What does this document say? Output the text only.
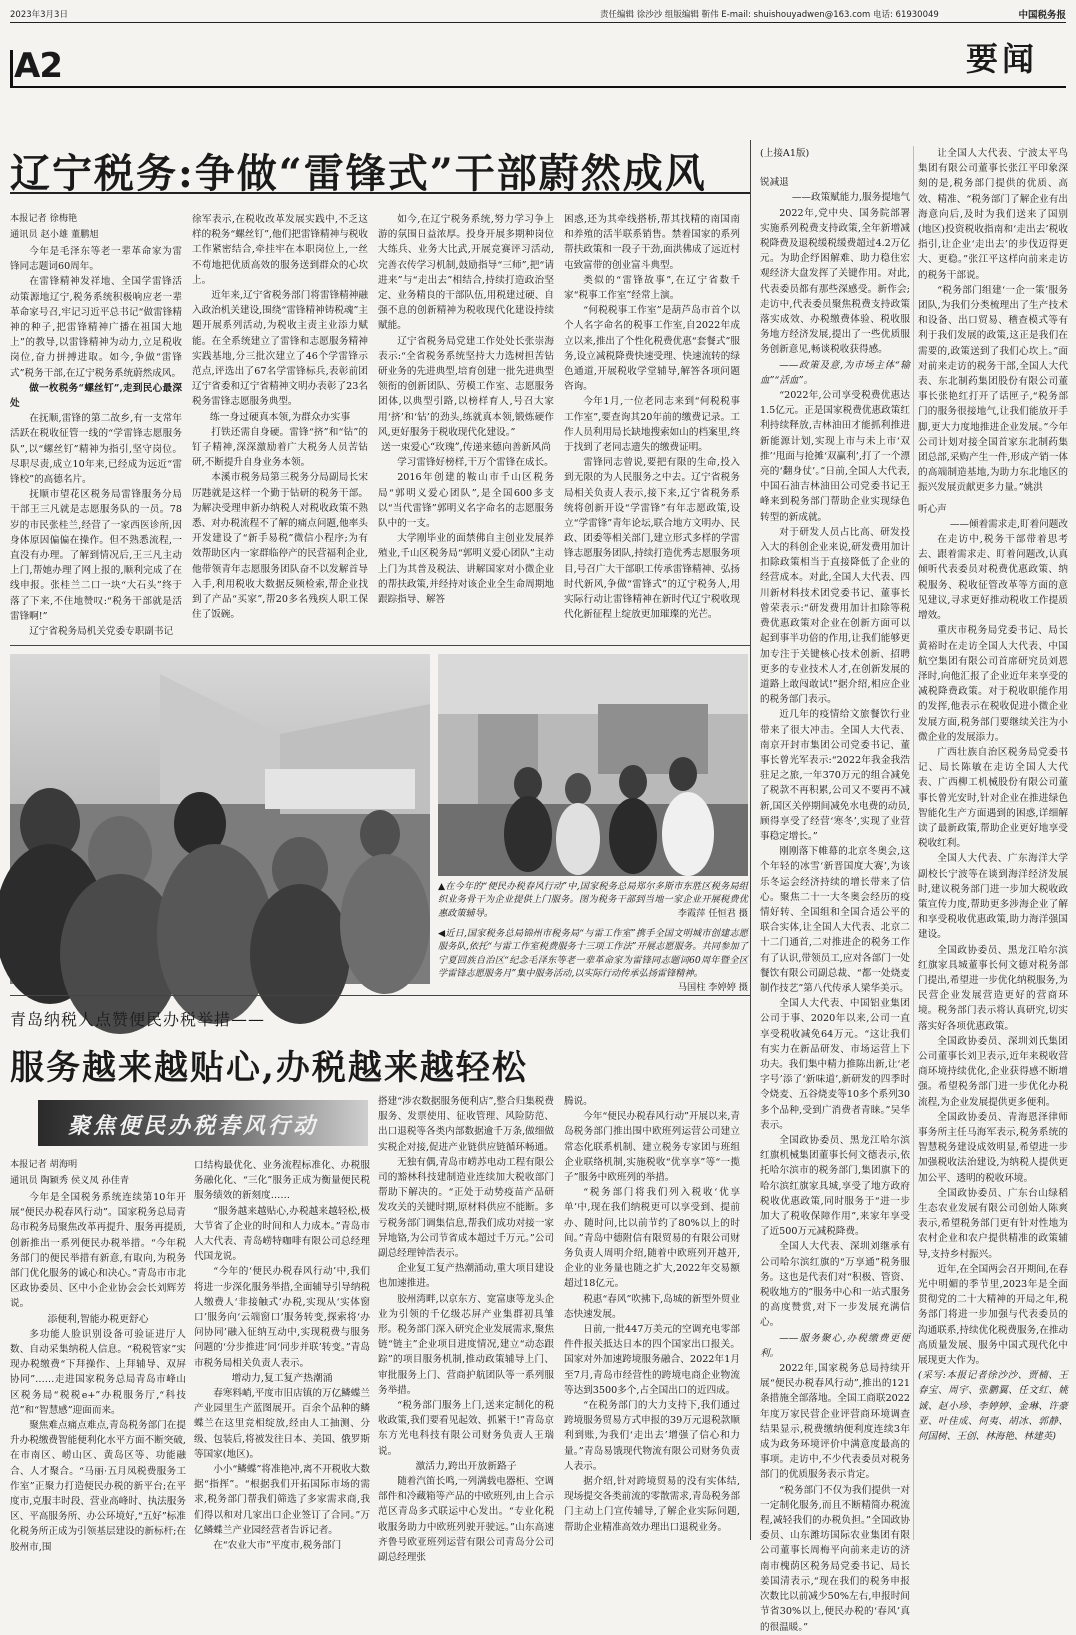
2023年3月3日	责任编辑 徐沙沙 组版编辑 靳伟 E-mail: shuishouyadwen@163.com 电话: 61930049	中国税务报
A2	要闻
辽宁税务:争做“雷锋式”干部蔚然成风

本报记者 徐梅艳

通讯员 赵小雄 董鹏旭

今年是毛泽东等老一辈革命家为雷锋同志题词60周年。

在雷锋精神发祥地、全国学雷锋活动策源地辽宁,税务系统积极响应老一辈革命家号召,牢记习近平总书记“做雷锋精神的种子,把雷锋精神广播在祖国大地上”的教导,以雷锋精神为动力,立足税收岗位,奋力拼搏进取。如今,争做“雷锋式”税务干部,在辽宁税务系统蔚然成风。

做一枚税务“螺丝钉”,走到民心最深处

在抚顺,雷锋的第二故乡,有一支常年活跃在税收征管一线的“学雷锋志愿服务队”,以“螺丝钉”精神为指引,坚守岗位。尽职尽责,成立10年来,已经成为远近“雷锋校”的高德名片。

抚顺市望花区税务局雷锋服务分局干部王三凡就是志愿服务队的一员。78岁的市民张桂兰,经营了一家西医诊所,因身体原因偏偏在操作。但不熟悉流程,一直没有办理。了解到情况后,王三凡主动上门,帮她办理了网上报的,顺利完成了在线申报。张桂兰二口一块“大石头”终于落了下来,不住地赞叹:“税务干部就是活雷锋啊!”

辽宁省税务局机关党委专职副书记

徐军表示,在税收改革发展实践中,不乏这样的税务“螺丝钉”,他们把雷锋精神与税收工作紧密结合,牵挂牢在本职岗位上,一丝不苟地把优质高效的服务送到群众的心坎上。

近年来,辽宁省税务部门将雷锋精神融入政治机关建设,围绕“雷锋精神铸税魂”主题开展系列活动,为税收主责主业添力赋能。在全系统建立了雷锋和志愿服务精神实践基地,分三批次建立了46个学雷锋示范点,评选出了67名学雷锋标兵,表彰前团辽宁省委和辽宁省精神文明办表彰了23名税务雷锋志愿服务典型。

练一身过硬真本领,为群众办实事

打铁还需自身硬。雷锋“挤”和“钻”的钉子精神,深深激励着广大税务人员苦钻研,不断提升自身业务本领。

本溪市税务局第三税务分局副局长宋厉韪就是这样一个勤于钻研的税务干部。为解决受理申新办纳税人对税收政策不熟悉、对办税流程不了解的痛点问题,他率头开发建设了“新手易税”微信小程序;为有效帮助区内一家群临停产的民营福利企业,他带领青年志愿服务团队奋不以发解首导入手,利用税收大数据反频检索,帮企业找到了产品“买家”,帮20多名残疾人职工保住了饭碗。

如今,在辽宁税务系统,努力学习争上游的氛围日益浓厚。投身开展多期种岗位大练兵、业务大比武,开展竞赛评习活动,完善衣传学习机制,鼓励指导“三师”,把“请进来”与“走出去”相结合,持续打造政治坚定、业务精良的干部队伍,用税建过硬、自强不息的创新精神为税收现代化建设持续赋能。

辽宁省税务局党建工作处处长张崇海表示:“全省税务系统坚持大力选树担苦钻研业务的先进典型,培育创建一批先进典型领衔的创新团队、劳模工作室、志愿服务团体,以典型引路,以榜样育人,号召大家用‘挤’和‘钻’的劲头,练就真本领,锻炼硬作风,更好服务于税收现代化建设。”

送一束爱心“玫瑰”,传递来德向善新风尚

学习雷锋好榜样,干万个雷锋在成长。

2016年创建的鞍山市千山区税务局“郭明义爱心团队”,是全国600多支以“当代雷锋”郭明义名字命名的志愿服务队中的一支。

大学刚毕业的面禁佛自主创业发展养殖业,千山区税务局“郭明义爱心团队”主动上门为其普及税法、讲解国家对小微企业的帮扶政策,并经持对该企业全生命周期地跟踪指导、解答

困惑,还为其牵线搭桥,帮其找精的南国南和养殖的活半联系销售。禁着国家的系列帮扶政策和一段子干劲,面洪佛成了远近村屯致富带的创业富斗典型。

类似的“雷锋故事”,在辽宁省数千家“税事工作室”经常上演。

“何税税事工作室”是葫芦岛市首个以个人名字命名的税事工作室,自2022年成立以来,推出了个性化税费优惠“套餐式”服务,设立减税降费快速受理、快速流转的绿色通道,开展税收学堂辅导,解答各项问题咨询。

今年1月,一位老同志来到“何税税事工作室”,要查询其20年前的缴费记录。工作人员利用局长缺地搜索如山的档案里,终于找到了老同志遗失的缴费证明。

雷锋同志曾说,要把有限的生命,投入到无限的为人民服务之中去。辽宁省税务局相关负责人表示,接下来,辽宁省税务系统将创新开设“学雷锋”有年志愿政策,设立“学雷锋”青年论坛,联合地方文明办、民政、团委等相关部门,建立形式多样的学雷锋志愿服务团队,持续打造优秀志愿服务项目,号召广大干部职工传承雷锋精神、弘扬时代新风,争做“雷锋式”的辽宁税务人,用实际行动让雷锋精神在新时代辽宁税收现代化新征程上绽放更加璀璨的光芒。

▲在今年的“便民办税春风行动”中,国家税务总局郑尔多斯市东胜区税务局组织业务骨干为企业提供上门服务。图为税务干部到当地一家企业开展税费优惠政策辅导。	李霞萍 任恒君 摄
◀近日,国家税务总局锦州市税务局“与雷工作室”携手全国文明城市创建志愿服务队,依托“与雷工作室税费服务十三项工作法”开展志愿服务。共同参加了宁夏回族自治区“纪念毛泽东等老一辈革命家为雷锋同志题词60周年暨全区学雷锋志愿服务月”集中服务活动,以实际行动传承弘扬雷锋精神。
马国柱 李婷婷 摄
青岛纳税人点赞便民办税举措——
服务越来越贴心,办税越来越轻松
聚焦便民办税春风行动

本报记者 胡海明

通讯员 陶颖秀 侯义凤 孙佳青

今年是全国税务系统连续第10年开展“便民办税春风行动”。国家税务总局青岛市税务局聚焦改革再提升、服务再提质,创新推出一系列便民办税举措。“今年税务部门的便民举措有新意,有取向,为税务部门优化服务的诚心和决心。”青岛市市北区政协委员、区中小企业协会会长刘辉芳说。

添便利,智能办税更舒心

多功能人脸识别设备可验证进厅人数、自动采集纳税人信息。“税税管家”实现办税缴费“下拜操作、上拜辅导、双屏协同”……走进国家税务总局青岛市峰山区税务局“税税e+”办税服务厅,“科技范”和“智慧感”迎面而来。

聚焦难点痛点难点,青岛税务部门在提升办税缴费智能便利化水平方面不断突破,在市南区、崂山区、黄岛区等、功能融合、人才聚合。“马丽·五月凤税费服务工作室”正聚力打造便民办税的新平台;在平度市,克服丰时段、营业高峰时、执法服务区、平高服务所、办公环境好,“五好”标准化税务所正成为引领基层建设的新标杆;在胶州市,围

口结构最优化、业务流程标准化、办税服务融化化、“三化”服务正成为衡量便民税服务绩效的新刻度……

“服务越来越贴心,办税越来越轻松,极大节省了企业的时间和人力成本。”青岛市人大代表、青岛崂特咖啡有限公司总经理代国龙说。

“今年的‘便民办税春风行动’中,我们将进一步深化服务举措,全面辅导引导纳税人缴费人‘非接触式’办税,实现从‘实体窗口’服务向‘云端窗口’服务转变,探索将‘办问协同’融入征纳互动中,实现税费与服务问题的‘分步推进’同‘同步并联’转变。”青岛市税务局相关负责人表示。

增动力,复工复产热潮涌

春寒料峭,平度市旧店镇的万亿鳞蝶兰产业园里生产蓝图展开。百余个品种的鳞蝶兰在这里竞相绽放,经由人工抽测、分级、包装后,将被发往日本、美国、俄罗斯等国家(地区)。

小小“鳞蝶”将准艳冲,离不开税收大数据“指挥”。“根据我们开拓国际市场的需求,税务部门帮我们筛选了多家需求商,我们得以和对几家出口企业签订了合同。”万亿鳞蝶兰产业园经营者告诉记者。

在“农业大市”平度市,税务部门

搭建“涉农数据服务便利店”,整合归集税费服务、发票使用、征收管理、风险防范、出口退税等各类内部数据逾千万条,做细做实税企对接,促进产业链供应链循环畅通。

无独有偶,青岛市崂苏电动工程有限公司的豁林科技建制造业连续加大税收部门帮助下解决的。“正处于动势疫苗产品研发攻关的关键时期,原材料供应不能断。多亏税务部门调集信息,帮我们成功对接一家异地铬,为公司节省成本超过千万元。”公司副总经理钟浩表示。

企业复工复产热潮涌动,重大项目建设也加速推进。

胶州湾畔,以京东方、宽富康等龙头企业为引领的千亿级芯屏产业集群初具雏形。税务部门深入研究企业发展需求,聚焦链“链主”企业项目进度情况,建立“动态跟踪”的项目服务机制,推动政策辅导上门、审批服务上门、营商护航团队等一系列服务举措。

“税务部门服务上门,送来定制化的税收政策,我们要看见起效、抓紧干!”青岛京东方光电科技有限公司财务负责人王瑞说。

激活力,跨出开放新路子

随着汽笛长鸣,一列满载电器柜、空调部件和冷藏箱等产品的中欧班列,由上合示范区青岛多式联运中心发出。“专业化税收服务助力中欧班列驶开驶远。”山东高速齐鲁号欧亚班列运营有限公司青岛分公司副总经理张

腾说。

今年“便民办税春风行动”开展以来,青岛税务部门推出围中欧班列运营公司建立常态化联系机制、建立税务专家团与班组企业联络机制,实施税收“优享享”等“一揽子”服务中欧班列的举措。

“税务部门将我们列入税收‘优享单’中,现在我们纳税更可以享受到、提前办、随时问,比以前节约了80%以上的时间。”青岛中德附信有限贸易的有限公司财务负责人周明介绍,随着中欧班列开越开,企业的业务量也随之扩大,2022年交易额超过18亿元。

税惠“春风”吹拂下,岛城的新型外贸业态快速发展。

日前,一批447万美元的空调充电零部件件报关抵达日本的四个国家出口报关。国家对外加速跨境服务融合、2022年1月至7月,青岛市经营性的跨境电商企业物流等达到3500多个,占全国出口的近四成。

“在税务部门的大力支持下,我们通过跨境服务贸易方式申报的39万元退税款顺利到账,为我们‘走出去’增强了信心和力量。”青岛易饿现代物流有限公司财务负责人表示。

据介绍,针对跨境贸易的没有实体结,现场提交各类前流的零散需求,青岛税务部门主动上门宣传辅导,了解企业实际问题,帮助企业精准高效办理出口退税业务。

(上接A1版)

锐减退

——政策赋能力,服务提地气

2022年,党中央、国务院部署实施系列税费支持政策,全年新增减税降费及退税缓税缓费超过4.2万亿元。为助企纾困解难、助力稳住宏观经济大盘发挥了关键作用。对此,代表委员都有那些深感受。新作会;走访中,代表委员聚焦税费支持政策落实成效、办税缴费体验、税收服务地方经济发展,提出了一些优质服务创新意见,畅谈税收获得感。

——政策及意,为市场主体“输血”“活血”。

“2022年,公司享受税费优惠达1.5亿元。正是国家税费优惠政策红利持续释放,吉林油田才能抓利推进新能源计划,实现上市与未上市‘双推’‘甩面与抢摊‘双赢利’,打了一个漂亮的‘翻身仗’。”日前,全国人大代表,中国石油吉林油田公司党委书记王峰来到税务部门帮助企业实现绿色转型的新成就。

对于研发人员占比高、研发投入大的科创企业来说,研发费用加计扣除政策相当于直接降低了企业的经营成本。对此,全国人大代表、四川新材料技术团党委书记、董事长曾荣表示:“研发费用加计扣除等税费优惠政策对企业在创新方面可以起到事半功倍的作用,让我们能够更加专注于关键核心技术创新、招聘更多的专业技术人才,在创新发展的道路上敢闯敢试!”据介绍,相应企业的税务部门表示。

近几年的疫情给文旅餐饮行业带来了很大冲击。全国人大代表、南京开封市集团公司党委书记、董事长曾光军表示:“2022年我金我浩驻足之旅,一年370万元的组合减免了税款不再积累,公司又不要再不减新,国区关停期间减免水电费的动员,顾得享受了经营‘寒冬’,实现了业营事稳定增长。”

刚刚落下帷幕的北京冬奥会,这个年轻的冰雪‘新晋国度大赛’,为该乐冬运会经济持续的增长带来了信心。聚焦二十一大冬奥会经历的疫情好转、全国组和全国合适公平的联合实体,让全国人大代表、北京二十二门通首,二对推进企的税务工作有了认识,带领员工,应对各部门一处餐饮有限公司副总裁、“都一处烧麦制作技艺”第八代传承人梁华美示。

全国人大代表、中国铝业集团公司于事、2020年以来,公司一直享受税收减免64万元。“这让我们有实力在新品研发、市场运营上下功夫。我们集中精力推陈出新,让‘老字号’添了‘新味道’,新研发的四季时令烧麦、五谷烧麦等10多个系列30多个品种,受到广消费者青睐。”吴华表示。

全国政协委员、黑龙江哈尔滨红旗机械集团董事长何文德表示,依托哈尔滨市的税务部门,集团旗下的哈尔滨红旗家具城,享受了地方政府税收优惠政策,同时服务于“进一步加大了税收保障作用”,来家年享受了近500万元减税降费。

全国人大代表、深圳刘继承有公司哈尔滨红旗的“万享通”税务服务。这也是代表们对“积极、管资、税收地方的”服务中心和一站式服务的高度赞赏,对下一步发展充满信心。

——服务聚心,办税缴费更便利。

2022年,国家税务总局持续开展“便民办税春风行动”,推出的121条措施全部落地。全国工商联2022年度万家民营企业评营商环境调查结果显示,税费缴纳便利度连续3年成为政务环境评价中满意度最高的事项。走访中,不少代表委员对税务部门的优质服务表示肯定。

“税务部门不仅为我们提供一对一定制化服务,而且不断精简办税流程,减轻我们的办税负担。”全国政协委员、山东潍坊国际农业集团有限公司董事长周梅平向前来走访的济南市槐荫区税务局党委书记、局长姜国清表示,“现在我们的税务申报次数比以前减少50%左右,申报时间节省30%以上,便民办税的‘春风’真的很温暖。”

让全国人大代表、宁波太平鸟集团有限公司董事长张江平印象深刻的是,税务部门提供的优质、高效、精准、“税务部门了解企业有出海意向后,及时为我们送来了国别(地区)投资税收指南和‘走出去’税收指引,让企业‘走出去’的步伐迈得更大、更稳。”张江平这样向前来走访的税务干部说。

“税务部门组建‘一企一策’服务团队,为我们分类梳理出了生产技术和设备、出口贸易、稽查模式等有利于我们发展的政策,这正是我们在需要的,政策送到了我们心坎上。”面对前来走访的税务干部,全国人大代表、东北制药集团股份有限公司董事长张艳红打开了话匣子,“税务部门的服务很接地气,让我们能放开手脚,更大力度地推进企业发展。”今年公司计划对接全国首家东北制药集团总部,采购产生一件,形成产销一体的高端制造基地,为助力东北地区的振兴发展贡献更多力量。”姚洪

听心声

——倾着需求走,盯着问题改

在走访中,税务干部带着思考去、跟着需求走、盯着问题改,认真倾听代表委员对税费优惠政策、纳税服务、税收征管改革等方面的意见建议,寻求更好推动税收工作提质增效。

重庆市税务局党委书记、局长黄裕时在走访全国人大代表、中国航空集团有限公司首席研究员刘恩泽时,向他汇报了企业近年来享受的减税降费政策。对于税收职能作用的发挥,他表示在税收促进小微企业发展方面,税务部门要继续关注为小微企业的发展添力。

广西壮族自治区税务局党委书记、局长陈敏在走访全国人大代表、广西柳工机械股份有限公司董事长曾光安时,针对企业在推进绿色智能化生产方面遇到的困惑,详细解读了最新政策,帮助企业更好地享受税收红利。

全国人大代表、广东海洋大学副校长宁波等在谈到海洋经济发展时,建议税务部门进一步加大税收政策宣传力度,帮助更多涉海企业了解和享受税收优惠政策,助力海洋强国建设。

全国政协委员、黑龙江哈尔滨红旗家具城董事长何文德对税务部门提出,希望进一步优化纳税服务,为民营企业发展营造更好的营商环境。税务部门表示将认真研究,切实落实好各项优惠政策。

全国政协委员、深圳刘氏集团公司董事长刘卫表示,近年来税收营商环境持续优化,企业获得感不断增强。希望税务部门进一步优化办税流程,为企业发展提供更多便利。

全国政协委员、青海恩泽律师事务所主任马海军表示,税务系统的智慧税务建设成效明显,希望进一步加强税收法治建设,为纳税人提供更加公平、透明的税收环境。

全国政协委员、广东台山绿稻生态农业发展有限公司创始人陈爽表示,希望税务部门更有针对性地为农村企业和农户提供精准的政策辅导,支持乡村振兴。

近年,在全国两会召开期间,在春光中明媚的季节里,2023年是全面贯彻党的二十大精神的开局之年,税务部门将进一步加强与代表委员的沟通联系,持续优化税费服务,在推动高质量发展、服务中国式现代化中展现更大作为。

(采写:本报记者徐沙沙、贾楠、王春宝、周宇、张鹏翼、任文红、姚诚、赵小珍、李婷婷、金琳、许豪亚、叶佳成、何夷、胡冰、郭静、何国树、王创、林海艳、林建英)
